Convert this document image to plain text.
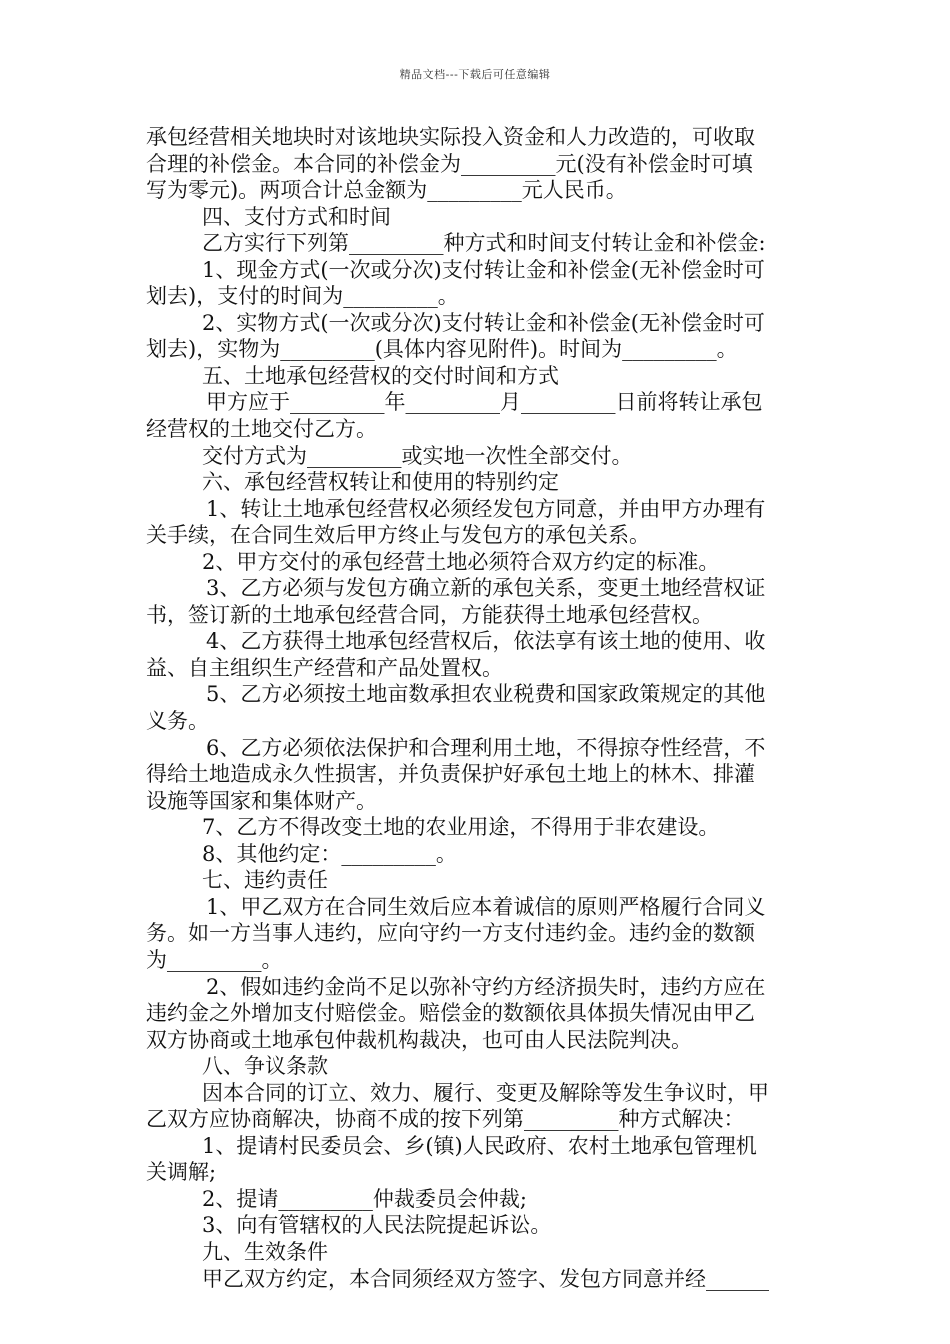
精品文档---下载后可任意编辑
承包经营相关地块时对该地块实际投入资金和人力改造的，可收取
合理的补偿金。本合同的补偿金为_________元(没有补偿金时可填
写为零元)。两项合计总金额为_________元人民币。
四、支付方式和时间
乙方实行下列第_________种方式和时间支付转让金和补偿金:
1、现金方式(一次或分次)支付转让金和补偿金(无补偿金时可
划去)，支付的时间为_________。
2、实物方式(一次或分次)支付转让金和补偿金(无补偿金时可
划去)，实物为_________(具体内容见附件)。时间为_________。
五、土地承包经营权的交付时间和方式
甲方应于_________年_________月_________日前将转让承包
经营权的土地交付乙方。
交付方式为_________或实地一次性全部交付。
六、承包经营权转让和使用的特别约定
1、转让土地承包经营权必须经发包方同意，并由甲方办理有
关手续，在合同生效后甲方终止与发包方的承包关系。
2、甲方交付的承包经营土地必须符合双方约定的标准。
3、乙方必须与发包方确立新的承包关系，变更土地经营权证
书，签订新的土地承包经营合同，方能获得土地承包经营权。
4、乙方获得土地承包经营权后，依法享有该土地的使用、收
益、自主组织生产经营和产品处置权。
5、乙方必须按土地亩数承担农业税费和国家政策规定的其他
义务。
6、乙方必须依法保护和合理利用土地，不得掠夺性经营，不
得给土地造成永久性损害，并负责保护好承包土地上的林木、排灌
设施等国家和集体财产。
7、乙方不得改变土地的农业用途，不得用于非农建设。
8、其他约定：_________。
七、违约责任
1、甲乙双方在合同生效后应本着诚信的原则严格履行合同义
务。如一方当事人违约，应向守约一方支付违约金。违约金的数额
为_________。
2、假如违约金尚不足以弥补守约方经济损失时，违约方应在
违约金之外增加支付赔偿金。赔偿金的数额依具体损失情况由甲乙
双方协商或土地承包仲裁机构裁决，也可由人民法院判决。
八、争议条款
因本合同的订立、效力、履行、变更及解除等发生争议时，甲
乙双方应协商解决，协商不成的按下列第_________种方式解决：
1、提请村民委员会、乡(镇)人民政府、农村土地承包管理机
关调解;
2、提请_________仲裁委员会仲裁;
3、向有管辖权的人民法院提起诉讼。
九、生效条件
甲乙双方约定，本合同须经双方签字、发包方同意并经______
